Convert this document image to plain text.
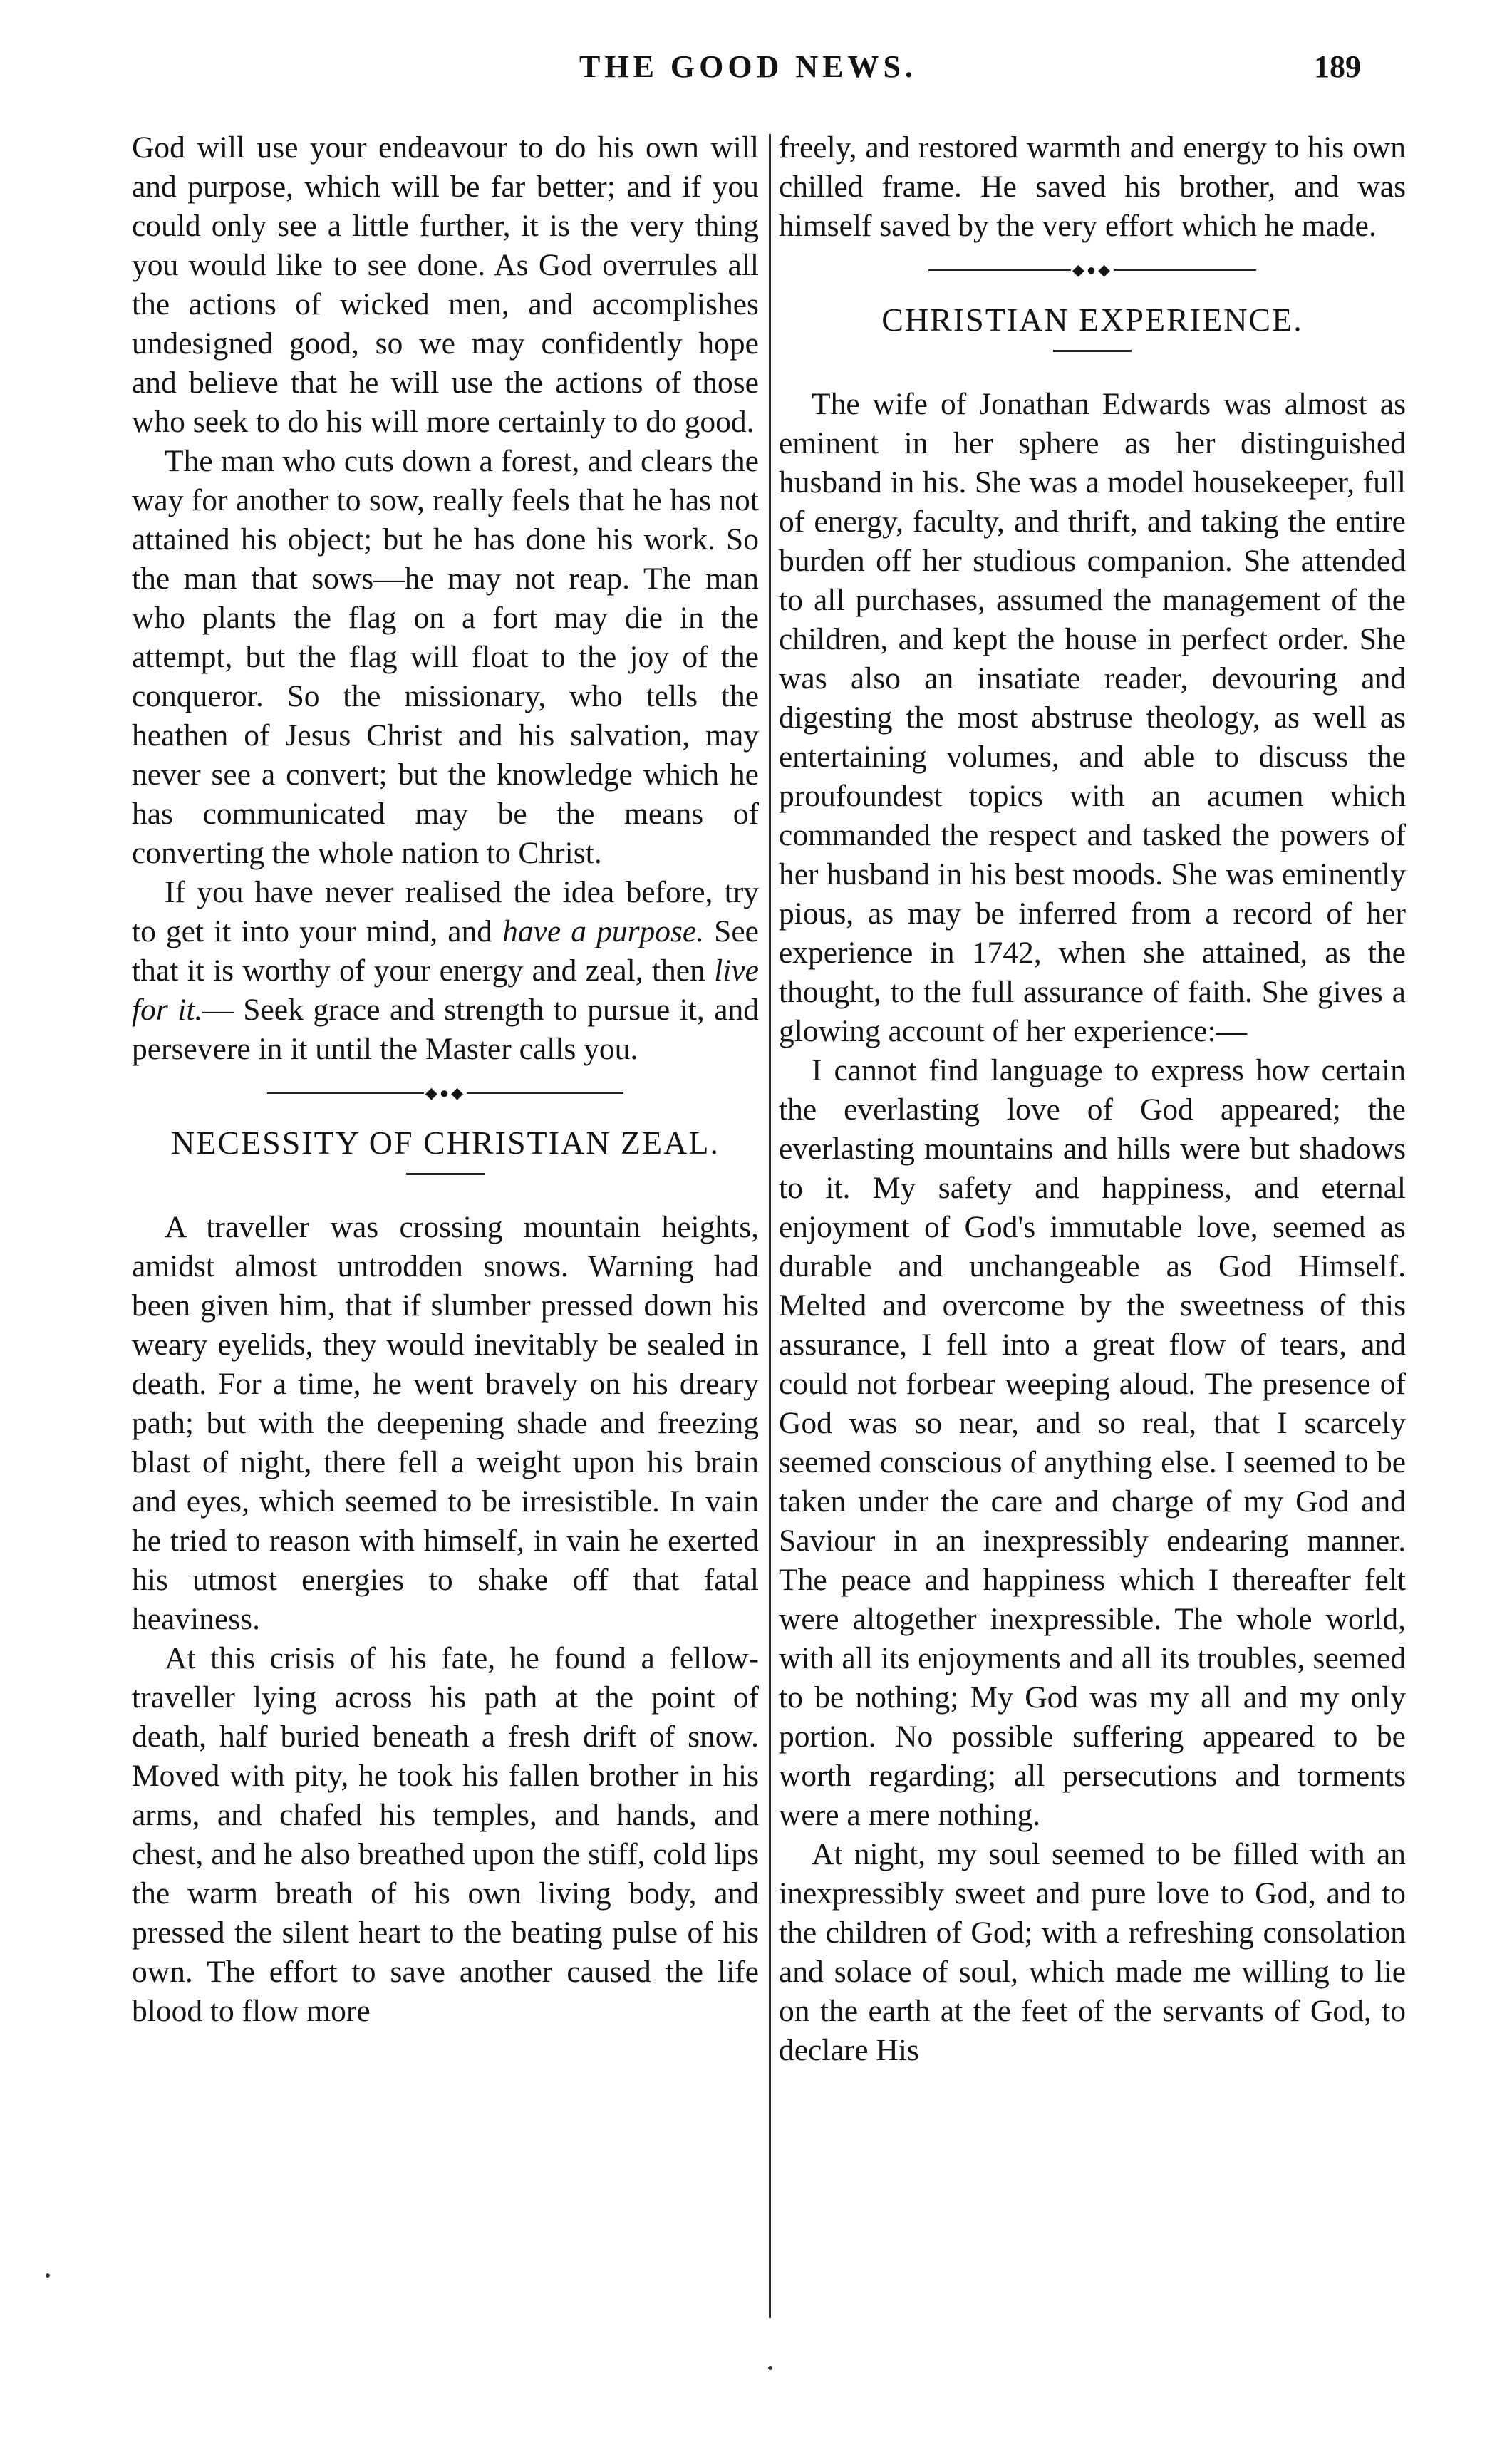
THE GOOD NEWS.	189

God will use your endeavour to do his own will and purpose, which will be far better; and if you could only see a little further, it is the very thing you would like to see done. As God overrules all the actions of wicked men, and accomplishes undesigned good, so we may confidently hope and believe that he will use the actions of those who seek to do his will more certainly to do good.

The man who cuts down a forest, and clears the way for another to sow, really feels that he has not attained his object; but he has done his work. So the man that sows—he may not reap. The man who plants the flag on a fort may die in the attempt, but the flag will float to the joy of the conqueror. So the missionary, who tells the heathen of Jesus Christ and his salvation, may never see a convert; but the knowledge which he has communicated may be the means of converting the whole nation to Christ.

If you have never realised the idea before, try to get it into your mind, and have a purpose. See that it is worthy of your energy and zeal, then live for it.— Seek grace and strength to pursue it, and persevere in it until the Master calls you.

◆●◆
NECESSITY OF CHRISTIAN ZEAL.

A traveller was crossing mountain heights, amidst almost untrodden snows. Warning had been given him, that if slumber pressed down his weary eyelids, they would inevitably be sealed in death. For a time, he went bravely on his dreary path; but with the deepening shade and freezing blast of night, there fell a weight upon his brain and eyes, which seemed to be irresistible. In vain he tried to reason with himself, in vain he exerted his utmost energies to shake off that fatal heaviness.

At this crisis of his fate, he found a fellow-traveller lying across his path at the point of death, half buried beneath a fresh drift of snow. Moved with pity, he took his fallen brother in his arms, and chafed his temples, and hands, and chest, and he also breathed upon the stiff, cold lips the warm breath of his own living body, and pressed the silent heart to the beating pulse of his own. The effort to save another caused the life blood to flow more

freely, and restored warmth and energy to his own chilled frame. He saved his brother, and was himself saved by the very effort which he made.

◆●◆
CHRISTIAN EXPERIENCE.

The wife of Jonathan Edwards was almost as eminent in her sphere as her distinguished husband in his. She was a model housekeeper, full of energy, faculty, and thrift, and taking the entire burden off her studious companion. She attended to all purchases, assumed the management of the children, and kept the house in perfect order. She was also an insatiate reader, devouring and digesting the most abstruse theology, as well as entertaining volumes, and able to discuss the proufoundest topics with an acumen which commanded the respect and tasked the powers of her husband in his best moods. She was eminently pious, as may be inferred from a record of her experience in 1742, when she attained, as the thought, to the full assurance of faith. She gives a glowing account of her experience:—

I cannot find language to express how certain the everlasting love of God appeared; the everlasting mountains and hills were but shadows to it. My safety and happiness, and eternal enjoyment of God's immutable love, seemed as durable and unchangeable as God Himself. Melted and overcome by the sweetness of this assurance, I fell into a great flow of tears, and could not forbear weeping aloud. The presence of God was so near, and so real, that I scarcely seemed conscious of anything else. I seemed to be taken under the care and charge of my God and Saviour in an inexpressibly endearing manner. The peace and happiness which I thereafter felt were altogether inexpressible. The whole world, with all its enjoyments and all its troubles, seemed to be nothing; My God was my all and my only portion. No possible suffering appeared to be worth regarding; all persecutions and torments were a mere nothing.

At night, my soul seemed to be filled with an inexpressibly sweet and pure love to God, and to the children of God; with a refreshing consolation and solace of soul, which made me willing to lie on the earth at the feet of the servants of God, to declare His
